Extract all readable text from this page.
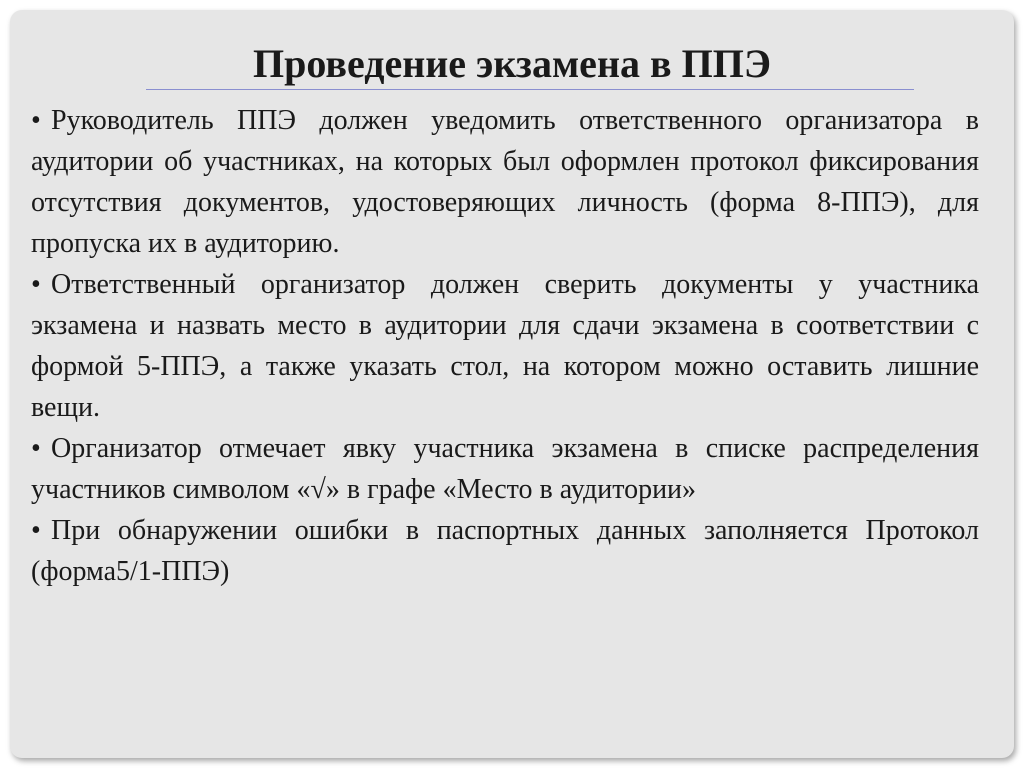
Проведение экзамена в ППЭ
• Руководитель ППЭ должен уведомить ответственного организатора в аудитории об участниках, на которых был оформлен протокол фиксирования отсутствия документов, удостоверяющих личность (форма 8-ППЭ), для пропуска их в аудиторию.
• Ответственный организатор должен сверить документы у участника экзамена и назвать место в аудитории для сдачи экзамена в соответствии с формой 5-ППЭ, а также указать стол, на котором можно оставить лишние вещи.
• Организатор отмечает явку участника экзамена в списке распределения участников символом «√» в графе «Место в аудитории»
• При обнаружении ошибки в паспортных данных заполняется Протокол (форма5/1-ППЭ)
